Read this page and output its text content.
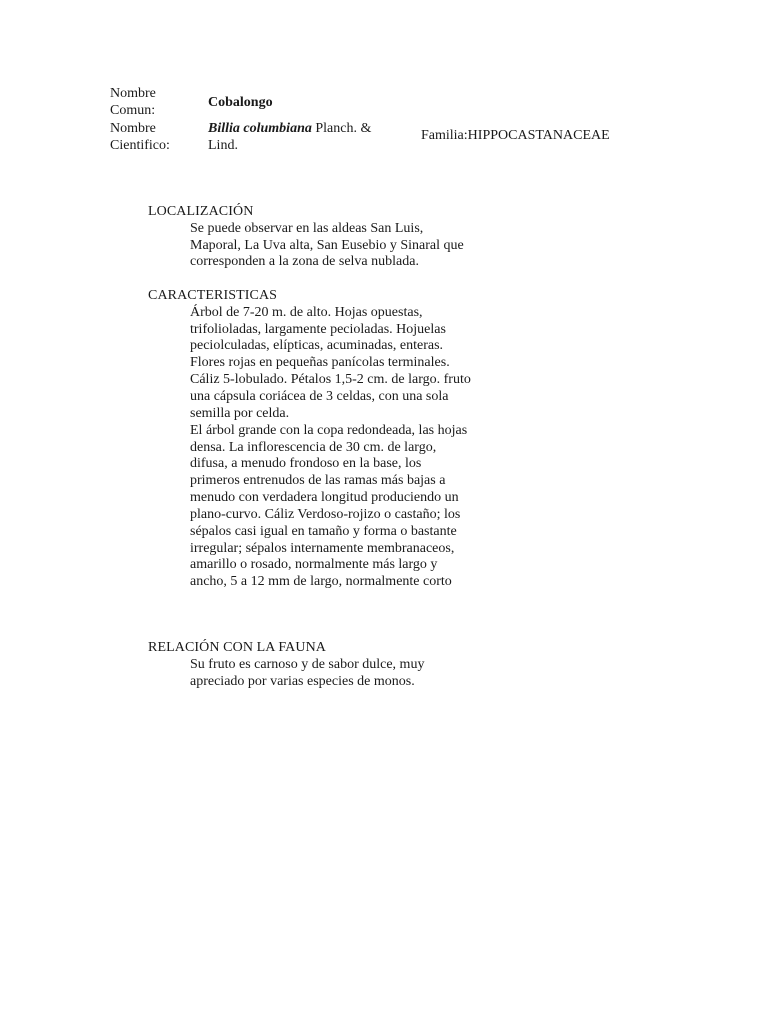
Nombre
Comun:
Cobalongo
Nombre
Cientifico:
Billia columbiana Planch. & Lind.
Familia:HIPPOCASTANACEAE
LOCALIZACIÓN

Se puede observar en las aldeas San Luis, Maporal, La Uva alta, San Eusebio y Sinaral que corresponden a la zona de selva nublada.

CARACTERISTICAS

Árbol de 7-20 m. de alto. Hojas opuestas, trifolioladas, largamente pecioladas. Hojuelas peciolculadas, elípticas, acuminadas, enteras. Flores rojas en pequeñas panícolas terminales. Cáliz 5-lobulado. Pétalos 1,5-2 cm. de largo. fruto una cápsula coriácea de 3 celdas, con una sola semilla por celda.

El árbol grande con la copa redondeada, las hojas densa. La inflorescencia de 30 cm. de largo, difusa, a menudo frondoso en la base, los primeros entrenudos de las ramas más bajas a menudo con verdadera longitud produciendo un plano-curvo. Cáliz Verdoso-rojizo o castaño; los sépalos casi igual en tamaño y forma o bastante irregular; sépalos internamente membranaceos, amarillo o rosado, normalmente más largo y ancho, 5 a 12 mm de largo, normalmente corto

RELACIÓN CON LA FAUNA

Su fruto es carnoso y de sabor dulce, muy apreciado por varias especies de monos.
